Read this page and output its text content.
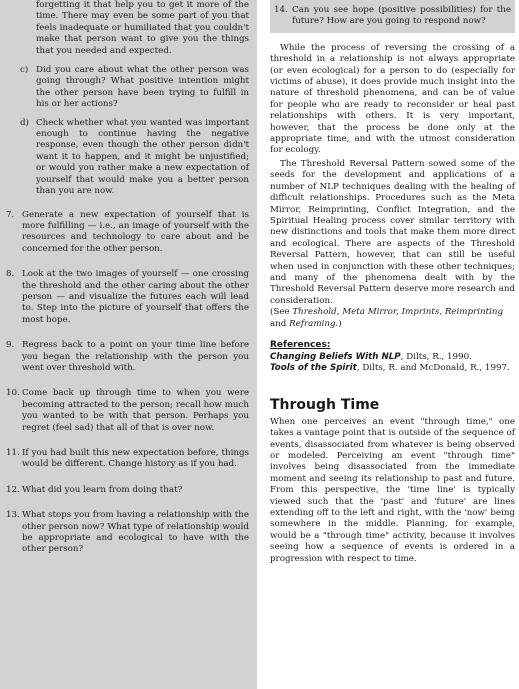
forgetting it that help you to get it more of the time. There may even be some part of you that feels inadequate or humiliated that you couldn't make that person want to give you the things that you needed and expected.

c) Did you care about what the other person was going through? What positive intention might the other person have been trying to fulfill in his or her actions?

d) Check whether what you wanted was important enough to continue having the negative response, even though the other person didn't want it to happen, and it might be unjustified; or would you rather make a new expectation of yourself that would make you a better person than you are now.

7. Generate a new expectation of yourself that is more fulfilling — i.e., an image of yourself with the resources and technology to care about and be concerned for the other person.

8. Look at the two images of yourself — one crossing the threshold and the other caring about the other person — and visualize the futures each will lead to. Step into the picture of yourself that offers the most hope.

9. Regress back to a point on your time line before you began the relationship with the person you went over threshold with.

10. Come back up through time to when you were becoming attracted to the person; recall how much you wanted to be with that person. Perhaps you regret (feel sad) that all of that is over now.

11. If you had built this new expectation before, things would be different. Change history as if you had.

12. What did you learn from doing that?

13. What stops you from having a relationship with the other person now? What type of relationship would be appropriate and ecological to have with the other person?

14. Can you see hope (positive possibilities) for the future? How are you going to respond now?

While the process of reversing the crossing of a threshold in a relationship is not always appropriate (or even ecological) for a person to do (especially for victims of abuse), it does provide much insight into the nature of threshold phenomena, and can be of value for people who are ready to reconsider or heal past relationships with others. It is very important, however, that the process be done only at the appropriate time, and with the utmost consideration for ecology.

The Threshold Reversal Pattern sowed some of the seeds for the development and applications of a number of NLP techniques dealing with the healing of difficult relationships. Procedures such as the Meta Mirror, Reimprinting, Conflict Integration, and the Spiritual Healing process cover similar territory with new distinctions and tools that make them more direct and ecological. There are aspects of the Threshold Reversal Pattern, however, that can still be useful when used in conjunction with these other techniques; and many of the phenomena dealt with by the Threshold Reversal Pattern deserve more research and consideration.

(See Threshold, Meta Mirror, Imprints, Reimprinting and Reframing.)

References:

Changing Beliefs With NLP, Dilts, R., 1990.

Tools of the Spirit, Dilts, R. and McDonald, R., 1997.

Through Time

When one perceives an event "through time," one takes a vantage point that is outside of the sequence of events, disassociated from whatever is being observed or modeled. Perceiving an event "through time" involves being disassociated from the immediate moment and seeing its relationship to past and future. From this perspective, the 'time line' is typically viewed such that the 'past' and 'future' are lines extending off to the left and right, with the 'now' being somewhere in the middle. Planning, for example, would be a "through time" activity, because it involves seeing how a sequence of events is ordered in a progression with respect to time.
